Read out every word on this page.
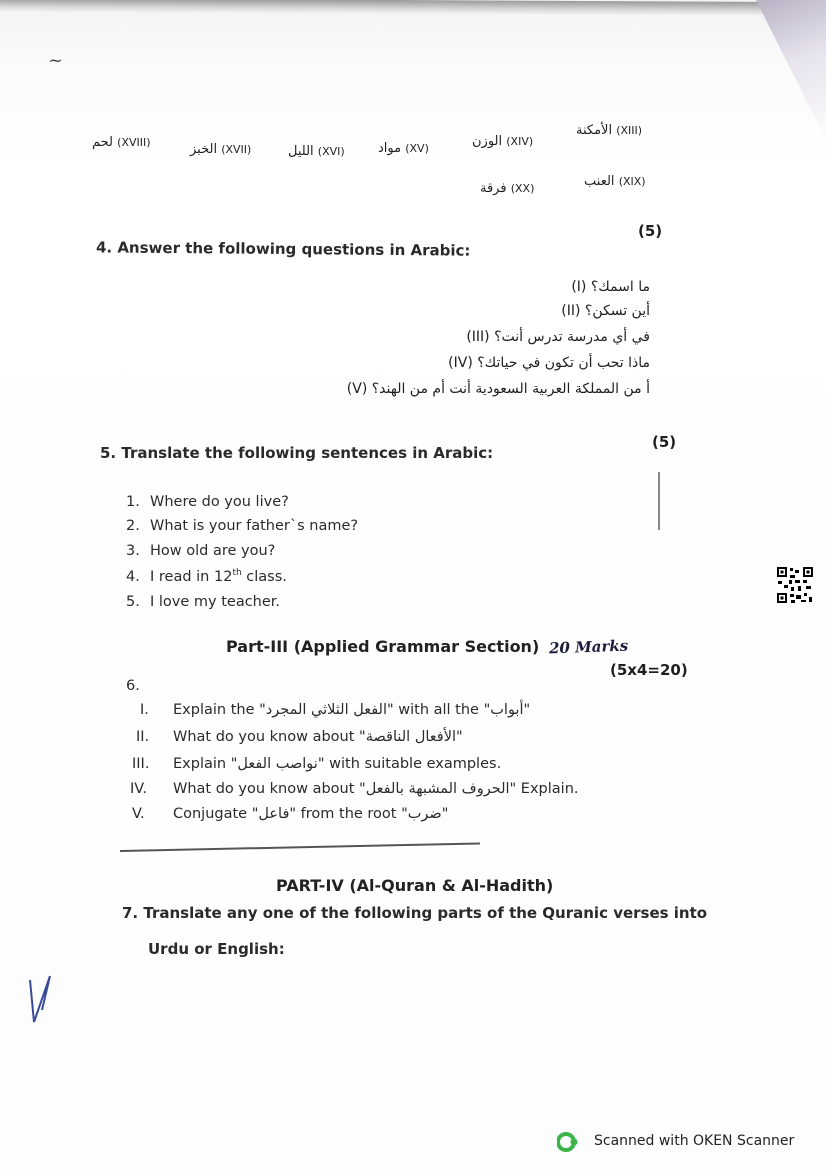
~
الأمكنة (XIII)
الوزن (XIV)
مواد (XV)
الليل (XVI)
الخبز (XVII)
لحم (XVIII)
العنب (XIX)
فرقة (XX)
(5)
4. Answer the following questions in Arabic:
ما اسمك؟ (I)
أين تسكن؟ (II)
في أي مدرسة تدرس أنت؟ (III)
ماذا تحب أن تكون في حياتك؟ (IV)
أ من المملكة العربية السعودية أنت أم من الهند؟ (V)
(5)
5. Translate the following sentences in Arabic:
1. Where do you live?
2. What is your father`s name?
3. How old are you?
4. I read in 12th class.
5. I love my teacher.
Part-III (Applied Grammar Section) 20 Marks
(5x4=20)
6.
I. Explain the "الفعل الثلاثي المجرد" with all the "أبواب"
II. What do you know about "الأفعال الناقصة"
III. Explain "نواصب الفعل" with suitable examples.
IV. What do you know about "الحروف المشبهة بالفعل" Explain.
V. Conjugate "فاعل" from the root "ضرب"
PART-IV (Al-Quran & Al-Hadith)
7. Translate any one of the following parts of the Quranic verses into
Urdu or English:
Scanned with OKEN Scanner
